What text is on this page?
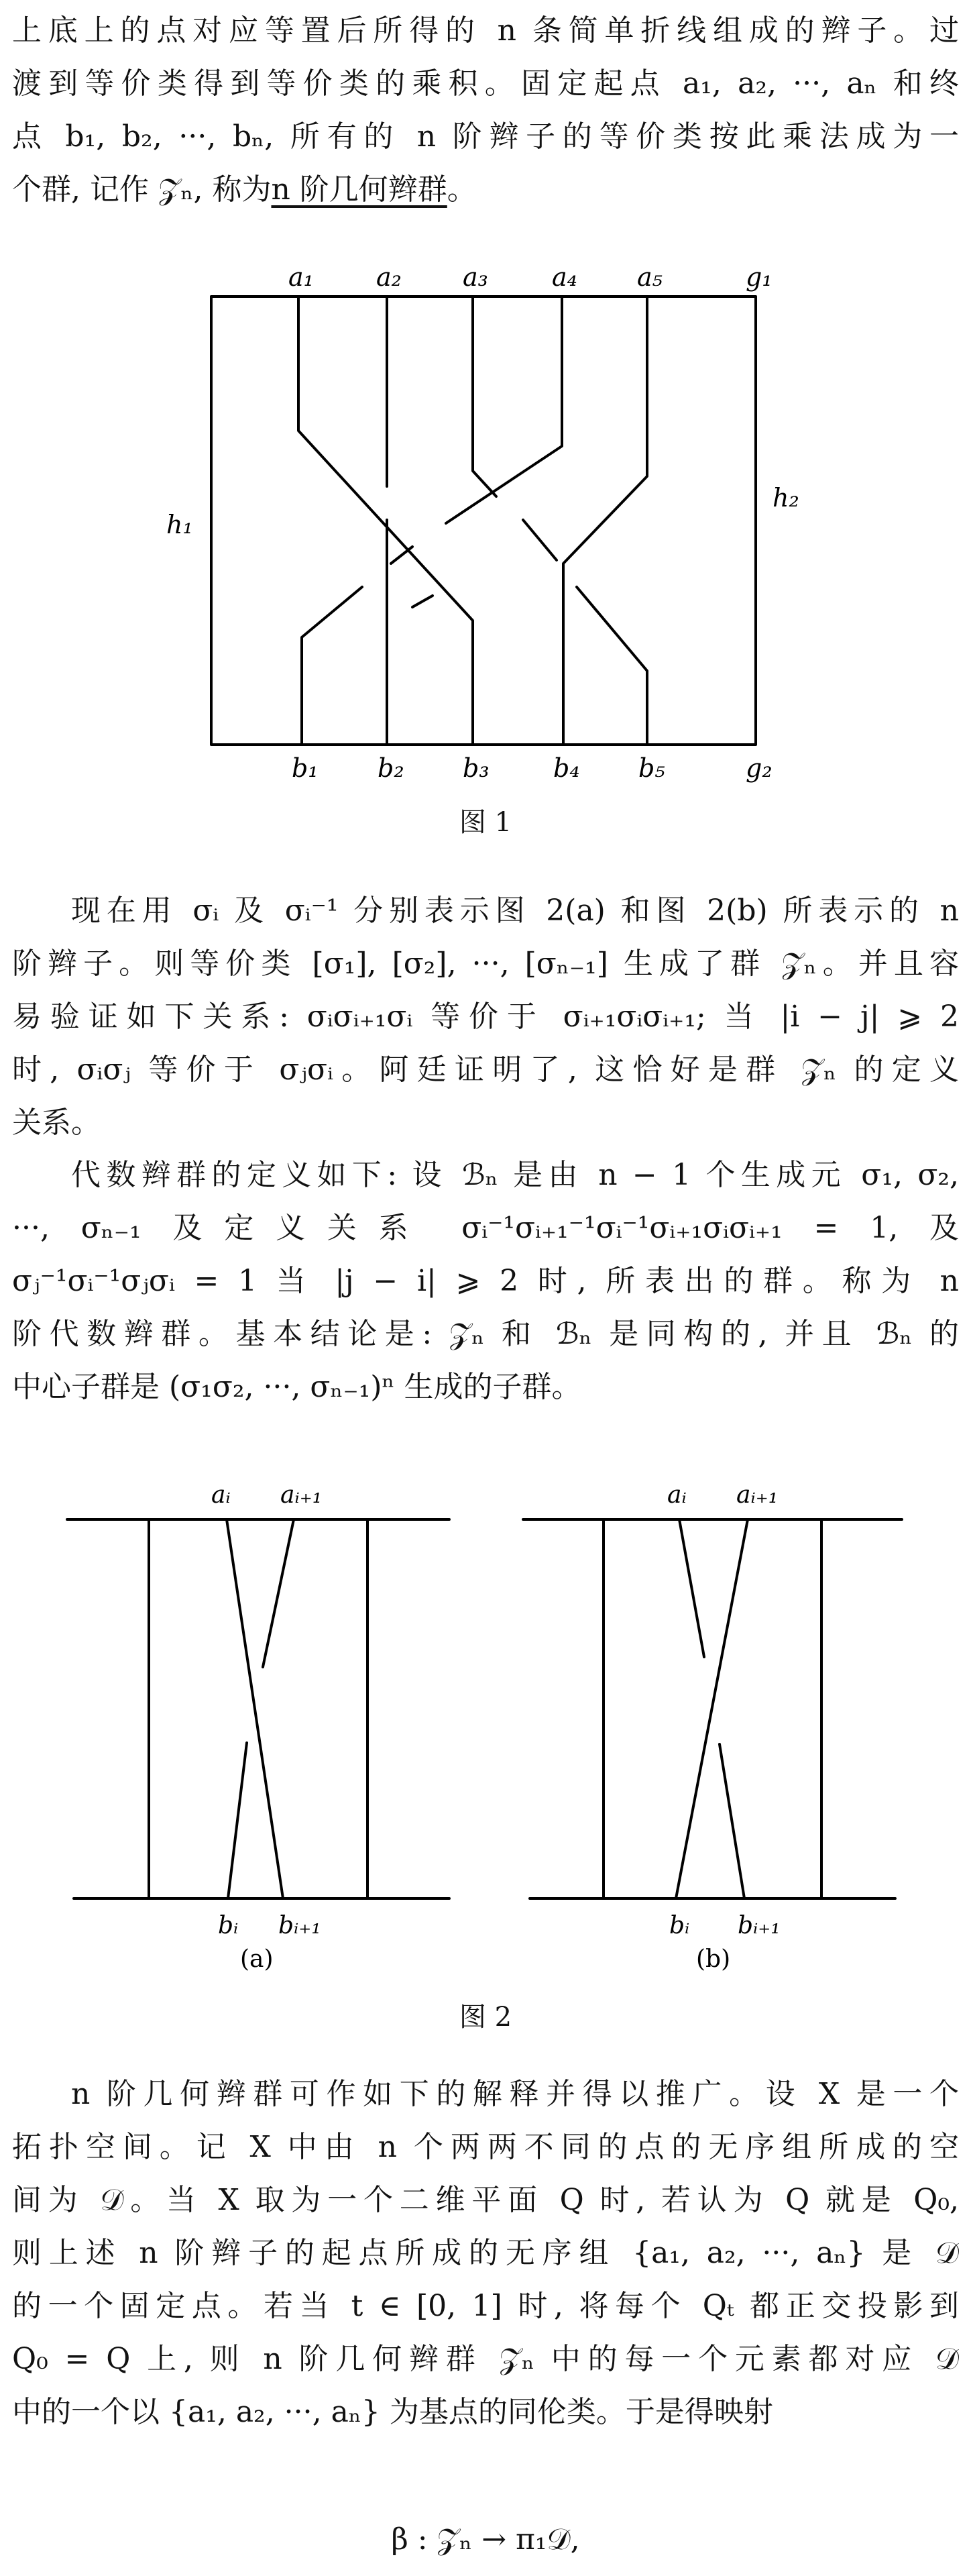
上底上的点对应等置后所得的 n 条简单折线组成的辫子。过
渡到等价类得到等价类的乘积。固定起点 a₁, a₂, ···, aₙ 和终
点 b₁, b₂, ···, bₙ, 所有的 n 阶辫子的等价类按此乘法成为一
个群, 记作 𝒵ₙ, 称为n 阶几何辫群。
a₁ a₂ a₃	a₄ a₅	g₁
b₁ b₂ b₃	b₄ b₅	g₂
h₁
h₂
图 1
现在用 σᵢ 及 σᵢ⁻¹ 分别表示图 2(a) 和图 2(b) 所表示的 n
阶辫子。则等价类 [σ₁], [σ₂], ···, [σₙ₋₁] 生成了群 𝒵ₙ。并且容
易验证如下关系: σᵢσᵢ₊₁σᵢ 等价于 σᵢ₊₁σᵢσᵢ₊₁; 当 |i − j| ⩾ 2
时, σᵢσⱼ 等价于 σⱼσᵢ。阿廷证明了, 这恰好是群 𝒵ₙ 的定义
关系。
代数辫群的定义如下: 设 ℬₙ 是由 n − 1 个生成元 σ₁, σ₂,
···, σₙ₋₁ 及定义关系 σᵢ⁻¹σᵢ₊₁⁻¹σᵢ⁻¹σᵢ₊₁σᵢσᵢ₊₁ = 1, 及
σⱼ⁻¹σᵢ⁻¹σⱼσᵢ = 1 当 |j − i| ⩾ 2 时, 所表出的群。称为 n
阶代数辫群。基本结论是: 𝒵ₙ 和 ℬₙ 是同构的, 并且 ℬₙ 的
中心子群是 (σ₁σ₂, ···, σₙ₋₁)ⁿ 生成的子群。
aᵢ aᵢ₊₁
bᵢ bᵢ₊₁
(a)
aᵢ aᵢ₊₁
bᵢ bᵢ₊₁
(b)
图 2
n 阶几何辫群可作如下的解释并得以推广。设 X 是一个
拓扑空间。记 X 中由 n 个两两不同的点的无序组所成的空
间为 𝒟。当 X 取为一个二维平面 Q 时, 若认为 Q 就是 Q₀,
则上述 n 阶辫子的起点所成的无序组 {a₁, a₂, ···, aₙ} 是 𝒟
的一个固定点。若当 t ∈ [0, 1] 时, 将每个 Qₜ 都正交投影到
Q₀ = Q 上, 则 n 阶几何辫群 𝒵ₙ 中的每一个元素都对应 𝒟
中的一个以 {a₁, a₂, ···, aₙ} 为基点的同伦类。于是得映射
β : 𝒵ₙ → π₁𝒟,
